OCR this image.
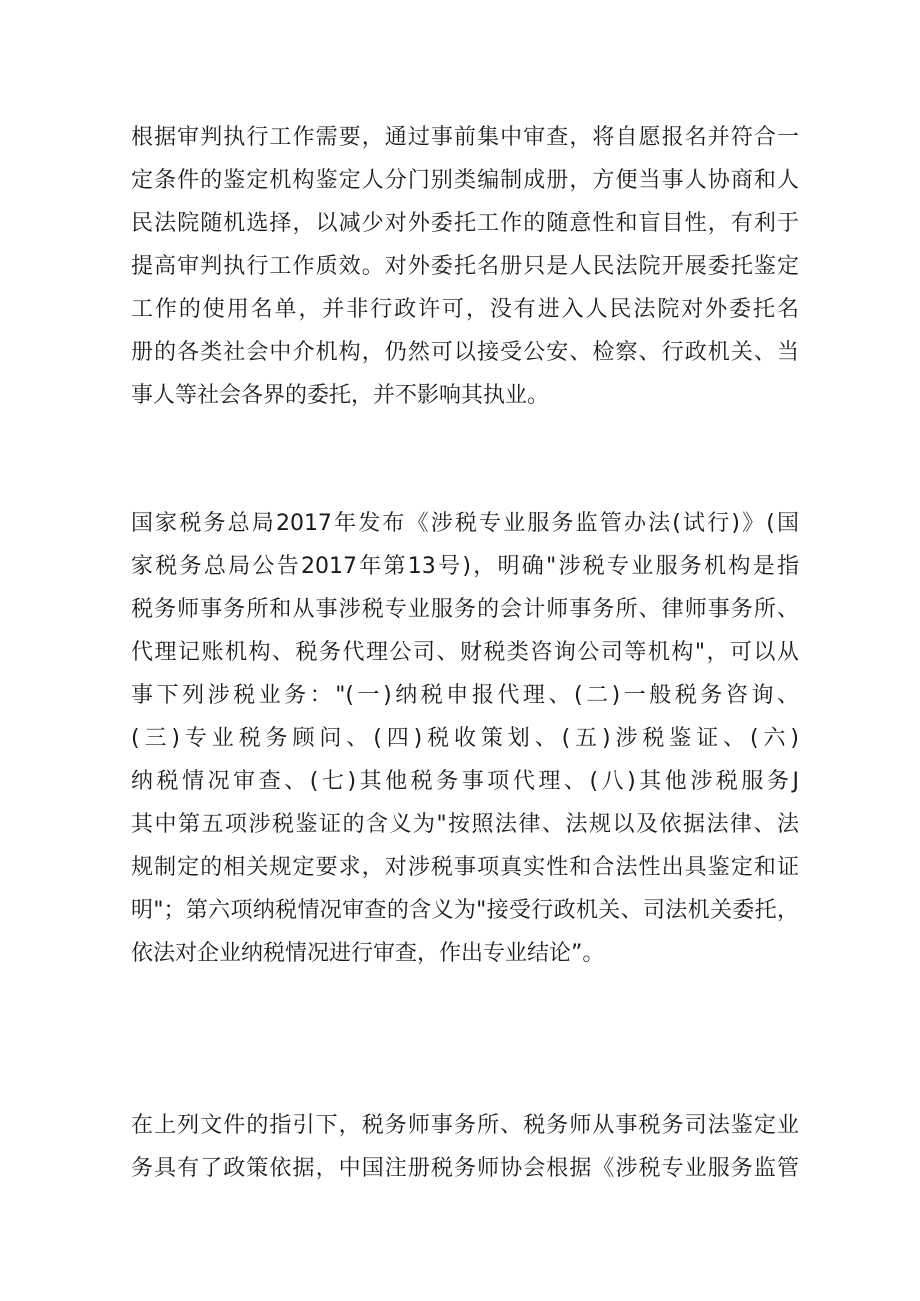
根据审判执行工作需要，通过事前集中审查，将自愿报名并符合一
定条件的鉴定机构鉴定人分门别类编制成册，方便当事人协商和人
民法院随机选择，以减少对外委托工作的随意性和盲目性，有利于
提高审判执行工作质效。对外委托名册只是人民法院开展委托鉴定
工作的使用名单，并非行政许可，没有进入人民法院对外委托名
册的各类社会中介机构，仍然可以接受公安、检察、行政机关、当
事人等社会各界的委托，并不影响其执业。
国家税务总局2017年发布《涉税专业服务监管办法(试行)》(国
家税务总局公告2017年第13号)，明确"涉税专业服务机构是指
税务师事务所和从事涉税专业服务的会计师事务所、律师事务所、
代理记账机构、税务代理公司、财税类咨询公司等机构"，可以从
事下列涉税业务："(一)纳税申报代理、(二)一般税务咨询、
(三)专业税务顾问、(四)税收策划、(五)涉税鉴证、(六)
纳税情况审查、(七)其他税务事项代理、(八)其他涉税服务J
其中第五项涉税鉴证的含义为"按照法律、法规以及依据法律、法
规制定的相关规定要求，对涉税事项真实性和合法性出具鉴定和证
明"；第六项纳税情况审查的含义为"接受行政机关、司法机关委托，
依法对企业纳税情况进行审查，作出专业结论”。
在上列文件的指引下，税务师事务所、税务师从事税务司法鉴定业
务具有了政策依据，中国注册税务师协会根据《涉税专业服务监管
